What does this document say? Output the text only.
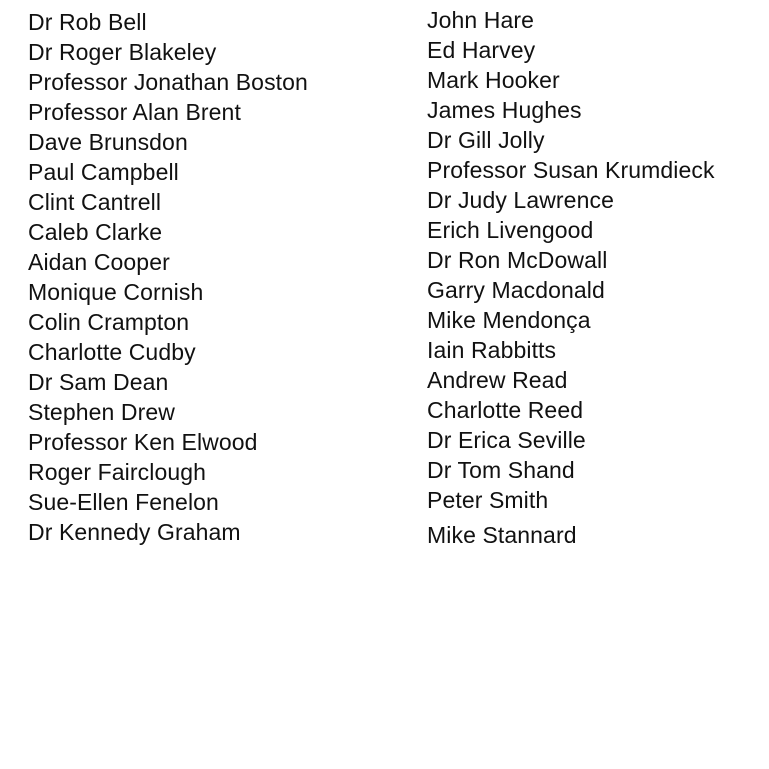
Dr Rob Bell
Dr Roger Blakeley
Professor Jonathan Boston
Professor Alan Brent
Dave Brunsdon
Paul Campbell
Clint Cantrell
Caleb Clarke
Aidan Cooper
Monique Cornish
Colin Crampton
Charlotte Cudby
Dr Sam Dean
Stephen Drew
Professor Ken Elwood
Roger Fairclough
Sue-Ellen Fenelon
Dr Kennedy Graham
John Hare
Ed Harvey
Mark Hooker
James Hughes
Dr Gill Jolly
Professor Susan Krumdieck
Dr Judy Lawrence
Erich Livengood
Dr Ron McDowall
Garry Macdonald
Mike Mendonça
Iain Rabbitts
Andrew Read
Charlotte Reed
Dr Erica Seville
Dr Tom Shand
Peter Smith
Mike Stannard
